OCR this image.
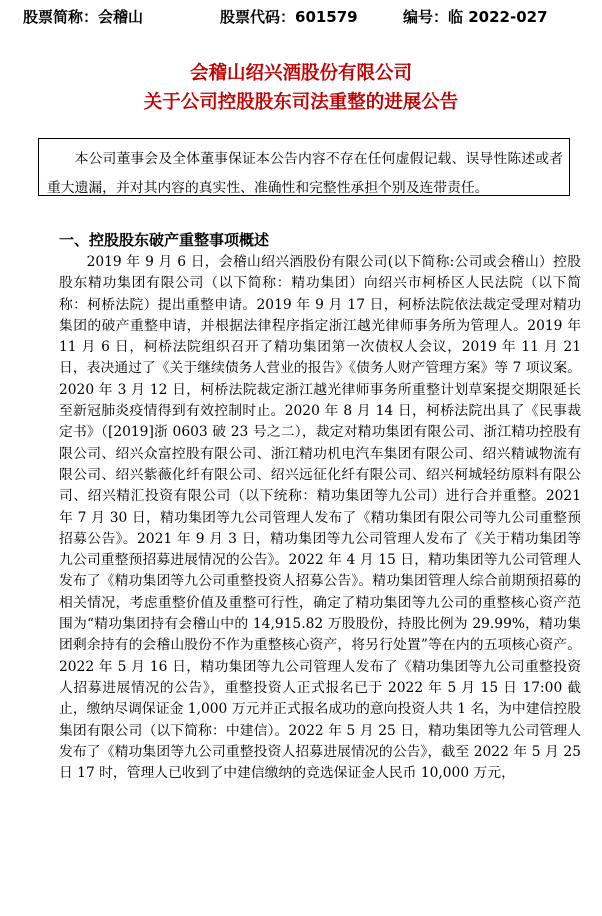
股票简称：会稽山	股票代码：601579	编号：临 2022-027
会稽山绍兴酒股份有限公司
关于公司控股股东司法重整的进展公告
本公司董事会及全体董事保证本公告内容不存在任何虚假记载、误导性陈述或者重大遗漏，并对其内容的真实性、准确性和完整性承担个别及连带责任。
一、控股股东破产重整事项概述
2019 年 9 月 6 日，会稽山绍兴酒股份有限公司(以下简称:公司或会稽山）控股股东精功集团有限公司（以下简称：精功集团）向绍兴市柯桥区人民法院（以下简称：柯桥法院）提出重整申请。2019 年 9 月 17 日，柯桥法院依法裁定受理对精功集团的破产重整申请，并根据法律程序指定浙江越光律师事务所为管理人。2019 年 11 月 6 日，柯桥法院组织召开了精功集团第一次债权人会议，2019 年 11 月 21 日，表决通过了《关于继续债务人营业的报告》《债务人财产管理方案》等 7 项议案。2020 年 3 月 12 日，柯桥法院裁定浙江越光律师事务所重整计划草案提交期限延长至新冠肺炎疫情得到有效控制时止。2020 年 8 月 14 日，柯桥法院出具了《民事裁定书》（[2019]浙 0603 破 23 号之二），裁定对精功集团有限公司、浙江精功控股有限公司、绍兴众富控股有限公司、浙江精功机电汽车集团有限公司、绍兴精诚物流有限公司、绍兴紫薇化纤有限公司、绍兴远征化纤有限公司、绍兴柯城轻纺原料有限公司、绍兴精汇投资有限公司（以下统称：精功集团等九公司）进行合并重整。2021 年 7 月 30 日，精功集团等九公司管理人发布了《精功集团有限公司等九公司重整预招募公告》。2021 年 9 月 3 日，精功集团等九公司管理人发布了《关于精功集团等九公司重整预招募进展情况的公告》。2022 年 4 月 15 日，精功集团等九公司管理人发布了《精功集团等九公司重整投资人招募公告》。精功集团管理人综合前期预招募的相关情况，考虑重整价值及重整可行性，确定了精功集团等九公司的重整核心资产范围为“精功集团持有会稽山中的 14,915.82 万股股份，持股比例为 29.99%，精功集团剩余持有的会稽山股份不作为重整核心资产，将另行处置”等在内的五项核心资产。2022 年 5 月 16 日，精功集团等九公司管理人发布了《精功集团等九公司重整投资人招募进展情况的公告》，重整投资人正式报名已于 2022 年 5 月 15 日 17:00 截止，缴纳尽调保证金 1,000 万元并正式报名成功的意向投资人共 1 名，为中建信控股集团有限公司（以下简称：中建信）。2022 年 5 月 25 日，精功集团等九公司管理人发布了《精功集团等九公司重整投资人招募进展情况的公告》，截至 2022 年 5 月 25 日 17 时，管理人已收到了中建信缴纳的竞选保证金人民币 10,000 万元，
